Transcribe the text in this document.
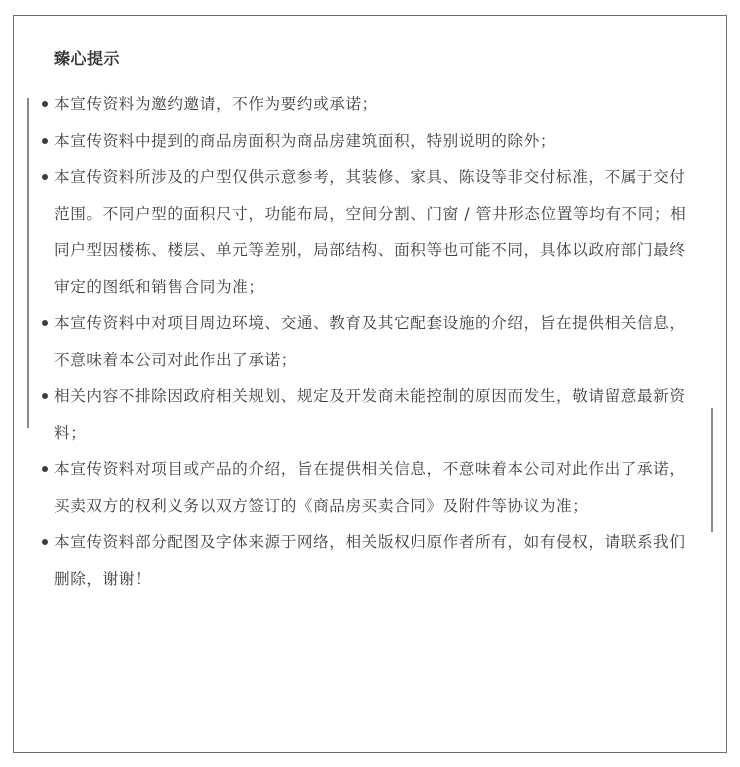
臻心提示
本宣传资料为邀约邀请，不作为要约或承诺；
本宣传资料中提到的商品房面积为商品房建筑面积，特别说明的除外；
本宣传资料所涉及的户型仅供示意参考，其装修、家具、陈设等非交付标准，不属于交付范围。不同户型的面积尺寸，功能布局，空间分割、门窗 / 管井形态位置等均有不同；相同户型因楼栋、楼层、单元等差别，局部结构、面积等也可能不同，具体以政府部门最终审定的图纸和销售合同为准；
本宣传资料中对项目周边环境、交通、教育及其它配套设施的介绍，旨在提供相关信息，不意味着本公司对此作出了承诺；
相关内容不排除因政府相关规划、规定及开发商未能控制的原因而发生，敬请留意最新资料；
本宣传资料对项目或产品的介绍，旨在提供相关信息，不意味着本公司对此作出了承诺，买卖双方的权利义务以双方签订的《商品房买卖合同》及附件等协议为准；
本宣传资料部分配图及字体来源于网络，相关版权归原作者所有，如有侵权，请联系我们删除，谢谢！
